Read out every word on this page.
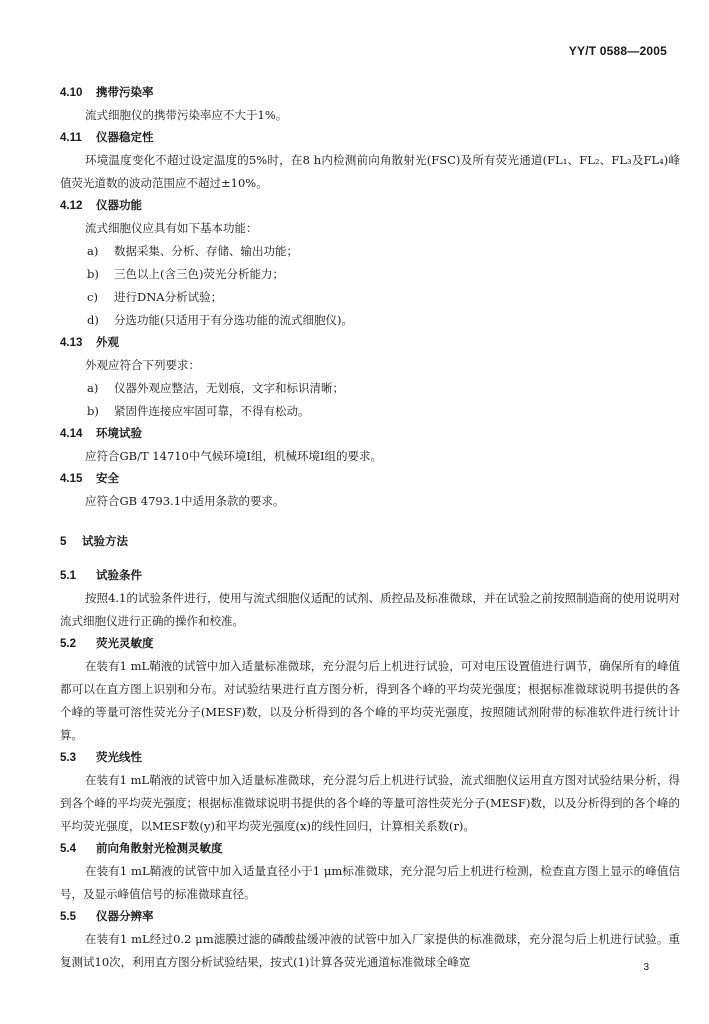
YY/T 0588—2005
4.10 携带污染率

流式细胞仪的携带污染率应不大于1%。

4.11 仪器稳定性

环境温度变化不超过设定温度的5%时，在8 h内检测前向角散射光(FSC)及所有荧光通道(FL₁、FL₂、FL₃及FL₄)峰值荧光道数的波动范围应不超过±10%。

4.12 仪器功能

流式细胞仪应具有如下基本功能：

a) 数据采集、分析、存储、输出功能；
b) 三色以上(含三色)荧光分析能力；
c) 进行DNA分析试验；
d) 分选功能(只适用于有分选功能的流式细胞仪)。
4.13 外观

外观应符合下列要求：

a) 仪器外观应整洁，无划痕，文字和标识清晰；
b) 紧固件连接应牢固可靠，不得有松动。
4.14 环境试验

应符合GB/T 14710中气候环境Ⅰ组，机械环境Ⅰ组的要求。

4.15 安全

应符合GB 4793.1中适用条款的要求。

5 试验方法
5.1 试验条件

按照4.1的试验条件进行，使用与流式细胞仪适配的试剂、质控品及标准微球，并在试验之前按照制造商的使用说明对流式细胞仪进行正确的操作和校准。

5.2 荧光灵敏度

在装有1 mL鞘液的试管中加入适量标准微球，充分混匀后上机进行试验，可对电压设置值进行调节，确保所有的峰值都可以在直方图上识别和分布。对试验结果进行直方图分析，得到各个峰的平均荧光强度；根据标准微球说明书提供的各个峰的等量可溶性荧光分子(MESF)数，以及分析得到的各个峰的平均荧光强度，按照随试剂附带的标准软件进行统计计算。

5.3 荧光线性

在装有1 mL鞘液的试管中加入适量标准微球，充分混匀后上机进行试验，流式细胞仪运用直方图对试验结果分析，得到各个峰的平均荧光强度；根据标准微球说明书提供的各个峰的等量可溶性荧光分子(MESF)数，以及分析得到的各个峰的平均荧光强度，以MESF数(y)和平均荧光强度(x)的线性回归，计算相关系数(r)。

5.4 前向角散射光检测灵敏度

在装有1 mL鞘液的试管中加入适量直径小于1 μm标准微球，充分混匀后上机进行检测，检查直方图上显示的峰值信号，及显示峰值信号的标准微球直径。

5.5 仪器分辨率

在装有1 mL经过0.2 μm滤膜过滤的磷酸盐缓冲液的试管中加入厂家提供的标准微球，充分混匀后上机进行试验。重复测试10次，利用直方图分析试验结果，按式(1)计算各荧光通道标准微球全峰宽	3
